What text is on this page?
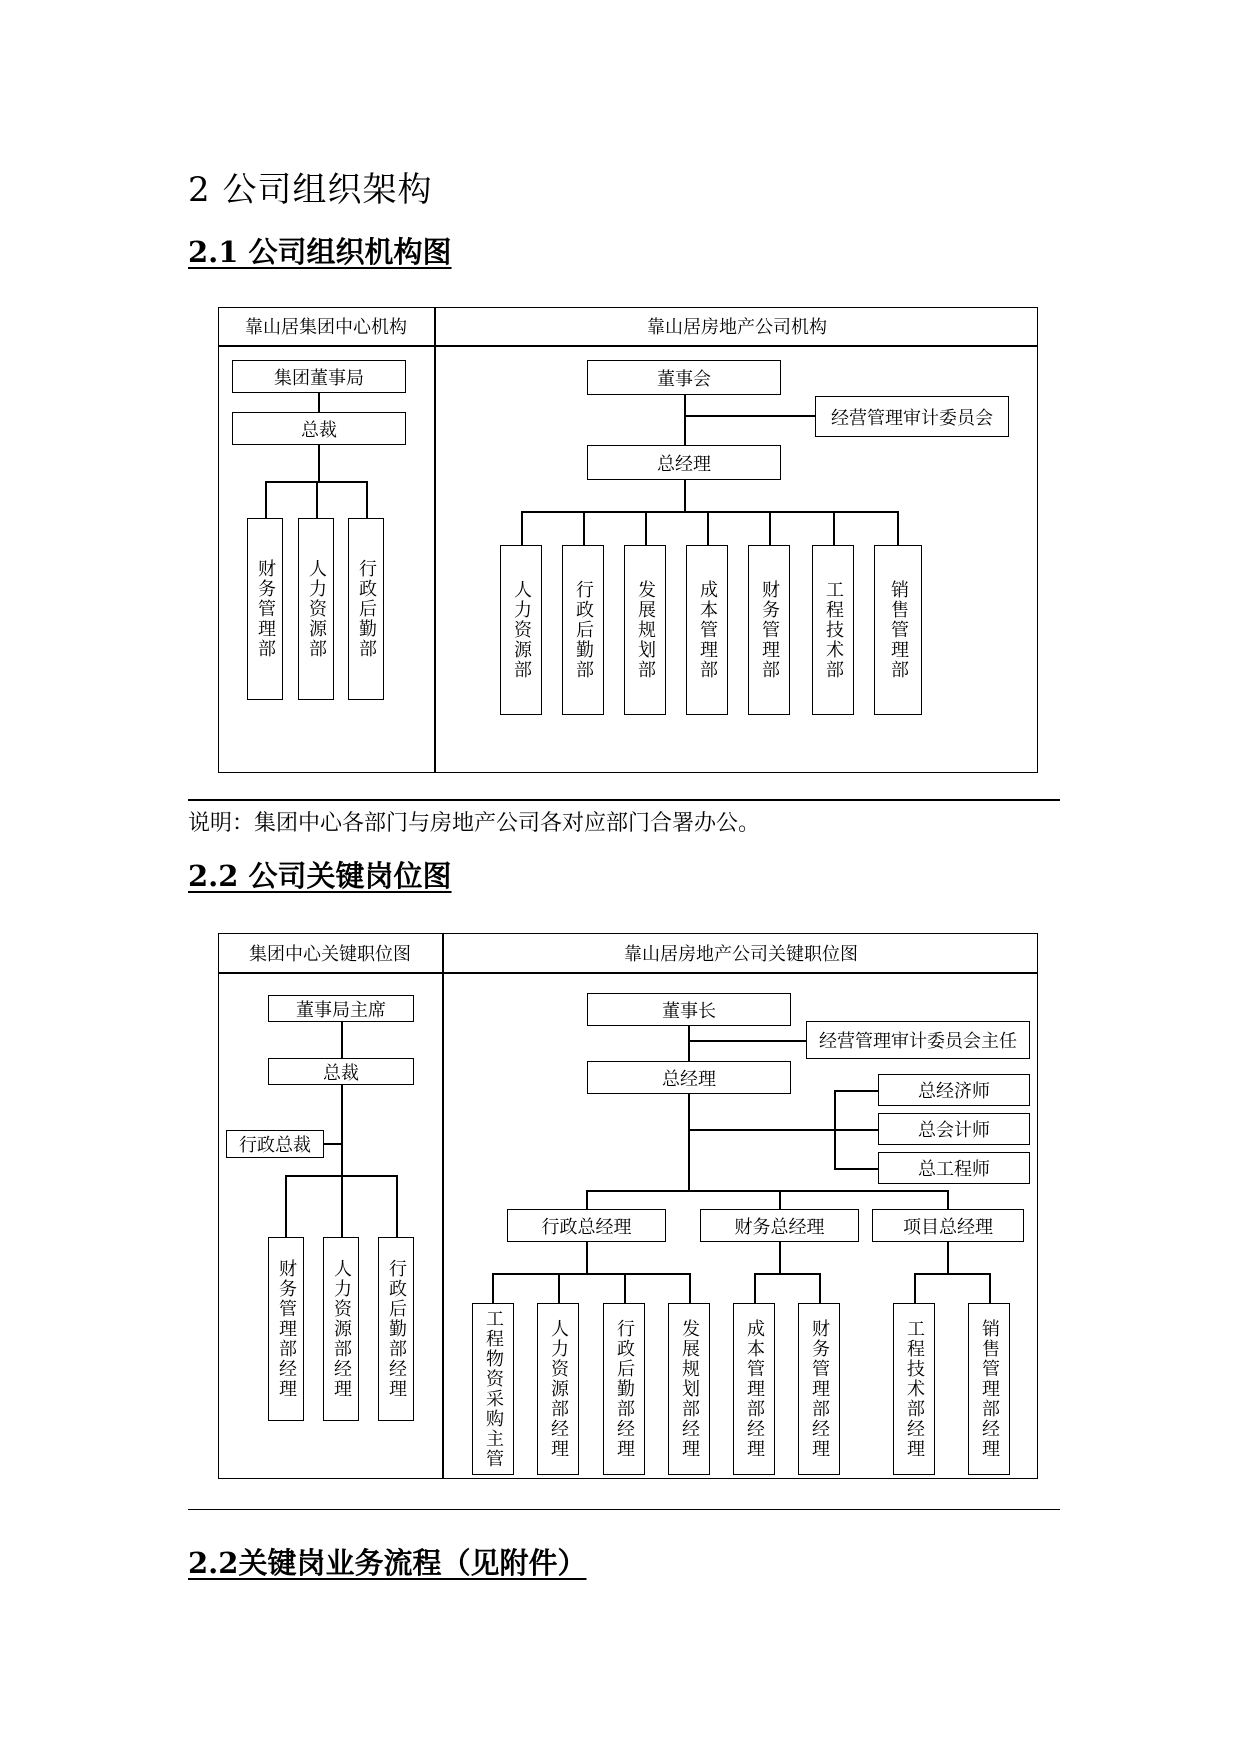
2 公司组织架构
2.1 公司组织机构图
靠山居集团中心机构	靠山居房地产公司机构
集团董事局
总裁
财务管理部	人力资源部	行政后勤部
董事会
经营管理审计委员会
总经理
人力资源部	行政后勤部	发展规划部	成本管理部	财务管理部	工程技术部	销售管理部
说明：集团中心各部门与房地产公司各对应部门合署办公。
2.2 公司关键岗位图
集团中心关键职位图	靠山居房地产公司关键职位图
董事局主席
总裁
行政总裁
财务管理部经理	人力资源部经理	行政后勤部经理
董事长
经营管理审计委员会主任
总经理
总经济师
总会计师
总工程师
行政总经理	财务总经理	项目总经理
工程物资采购主管	人力资源部经理	行政后勤部经理	发展规划部经理	成本管理部经理	财务管理部经理	工程技术部经理	销售管理部经理
2.2关键岗业务流程（见附件）
